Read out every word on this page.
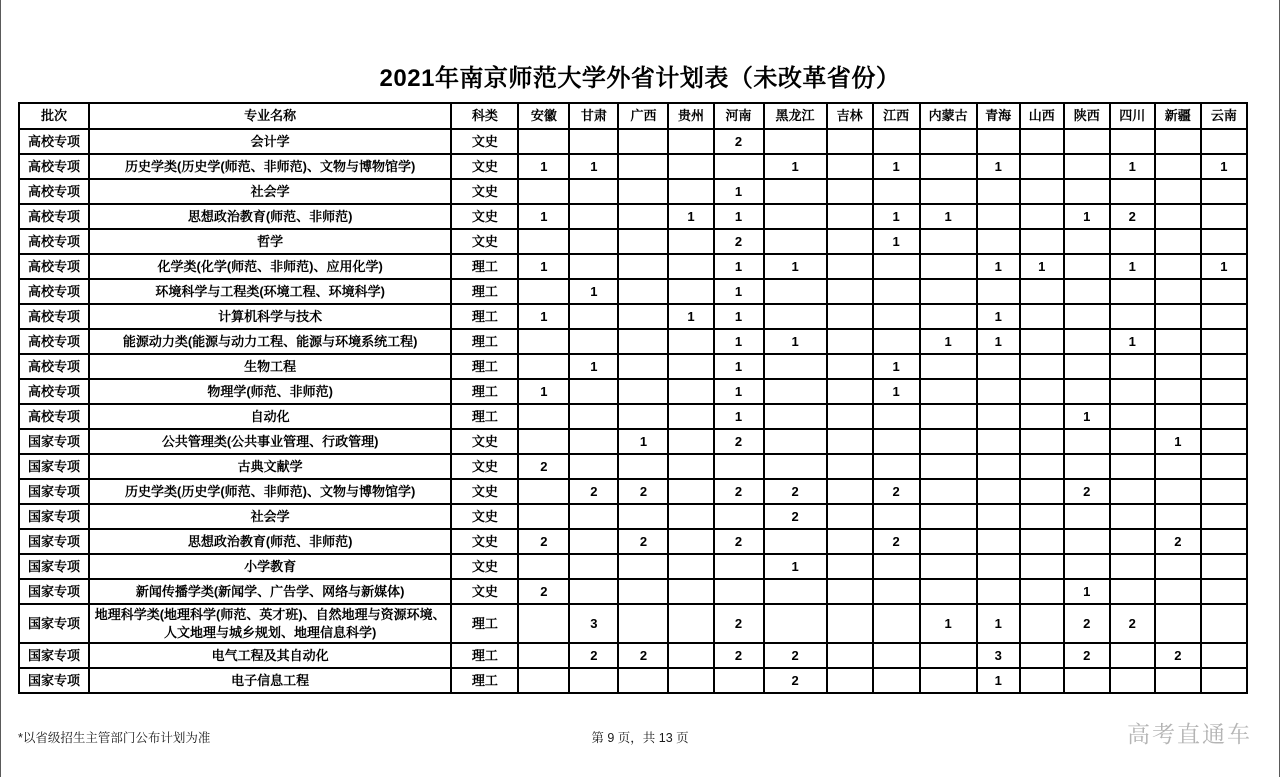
2021年南京师范大学外省计划表（未改革省份）
批次	专业名称	科类	安徽	甘肃	广西	贵州	河南	黑龙江	吉林	江西	内蒙古	青海	山西	陕西	四川	新疆	云南
高校专项	会计学	文史					2										
高校专项	历史学类(历史学(师范、非师范)、文物与博物馆学)	文史	1	1				1		1		1			1		1
高校专项	社会学	文史					1										
高校专项	思想政治教育(师范、非师范)	文史	1			1	1			1	1			1	2		
高校专项	哲学	文史					2			1							
高校专项	化学类(化学(师范、非师范)、应用化学)	理工	1				1	1				1	1		1		1
高校专项	环境科学与工程类(环境工程、环境科学)	理工		1			1										
高校专项	计算机科学与技术	理工	1			1	1					1					
高校专项	能源动力类(能源与动力工程、能源与环境系统工程)	理工					1	1			1	1			1		
高校专项	生物工程	理工		1			1			1							
高校专项	物理学(师范、非师范)	理工	1				1			1							
高校专项	自动化	理工					1							1			
国家专项	公共管理类(公共事业管理、行政管理)	文史			1		2									1	
国家专项	古典文献学	文史	2														
国家专项	历史学类(历史学(师范、非师范)、文物与博物馆学)	文史		2	2		2	2		2				2			
国家专项	社会学	文史						2									
国家专项	思想政治教育(师范、非师范)	文史	2		2		2			2						2	
国家专项	小学教育	文史						1									
国家专项	新闻传播学类(新闻学、广告学、网络与新媒体)	文史	2											1			
国家专项	地理科学类(地理科学(师范、英才班)、自然地理与资源环境、人文地理与城乡规划、地理信息科学)	理工		3			2				1	1		2	2		
国家专项	电气工程及其自动化	理工		2	2		2	2				3		2		2	
国家专项	电子信息工程	理工						2				1					
*以省级招生主管部门公布计划为准	第 9 页，共 13 页	高考直通车
